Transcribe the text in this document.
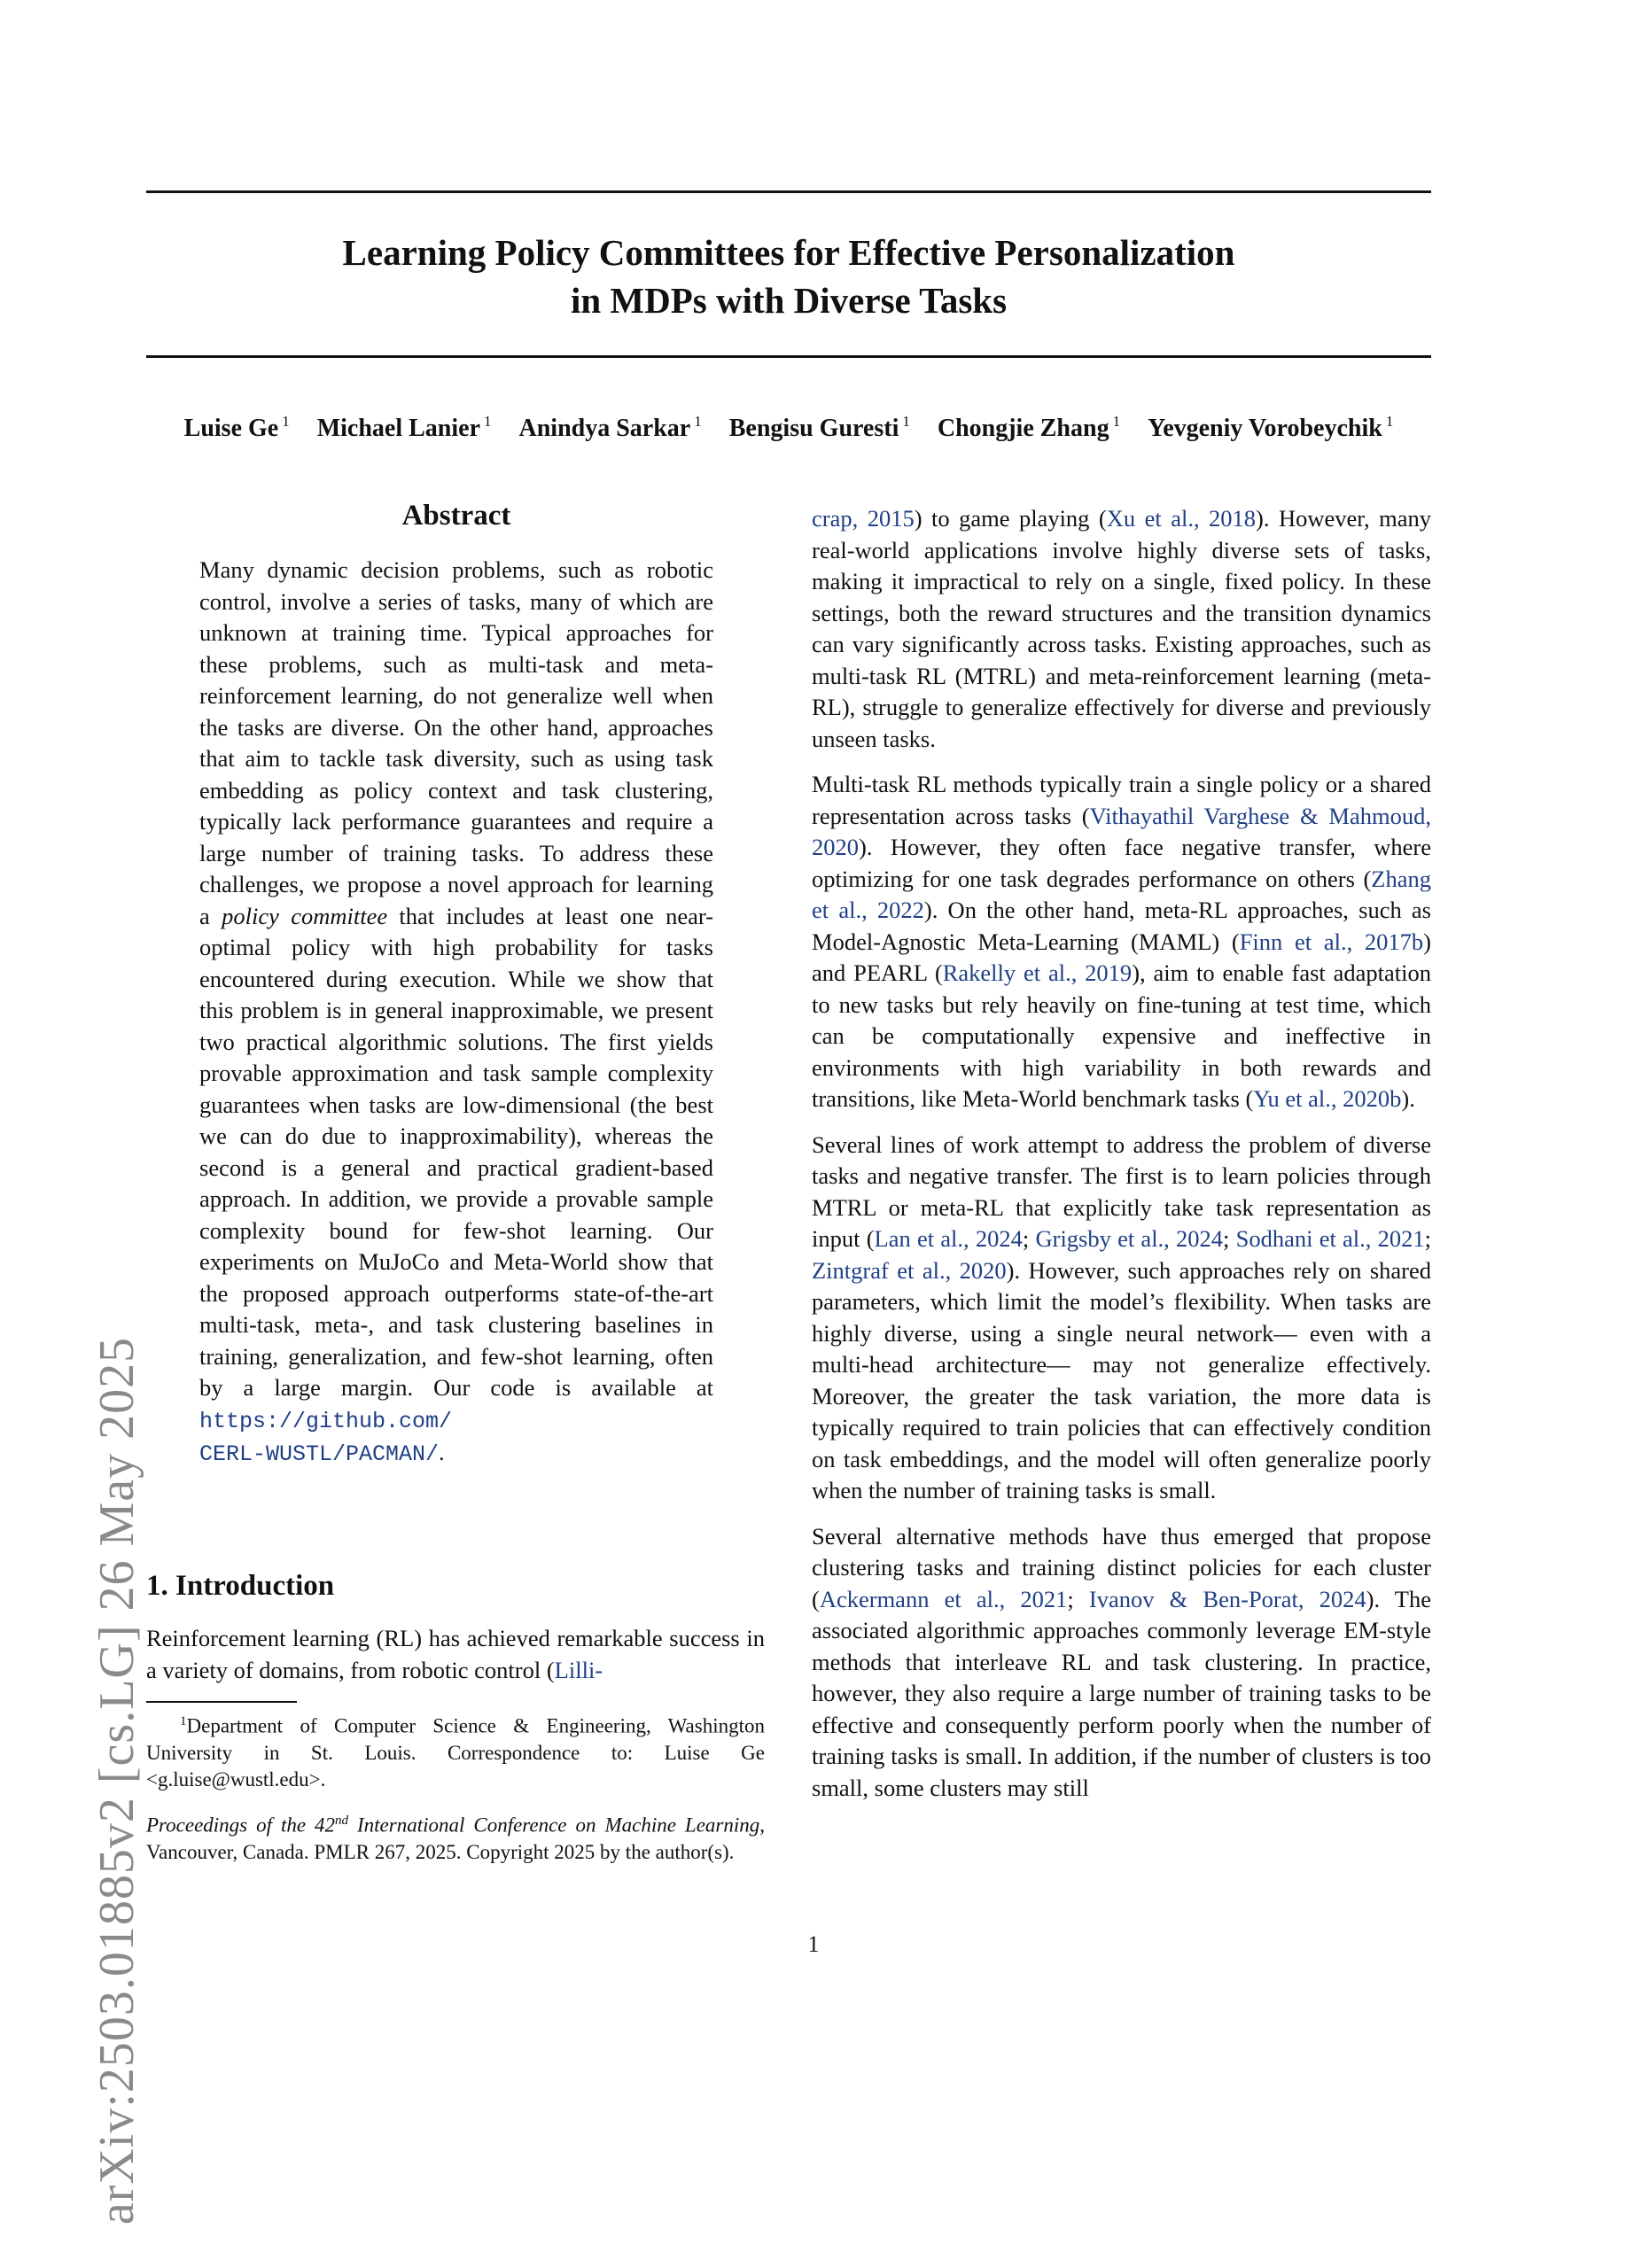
Learning Policy Committees for Effective Personalization
in MDPs with Diverse Tasks
Luise Ge $^1$ Michael Lanier $^1$ Anindya Sarkar $^1$ Bengisu Guresti $^1$ Chongjie Zhang $^1$ Yevgeniy Vorobeychik $^1$
arXiv:2503.01885v2 [cs.LG] 26 May 2025
Abstract

Many dynamic decision problems, such as robotic control, involve a series of tasks, many of which are unknown at training time. Typical approaches for these problems, such as multi-task and meta-reinforcement learning, do not generalize well when the tasks are diverse. On the other hand, approaches that aim to tackle task diversity, such as using task embedding as policy context and task clustering, typically lack performance guarantees and require a large number of training tasks. To address these challenges, we propose a novel approach for learning a policy committee that includes at least one near-optimal policy with high probability for tasks encountered during execution. While we show that this problem is in general inapproximable, we present two practical algorithmic solutions. The first yields provable approximation and task sample complexity guarantees when tasks are low-dimensional (the best we can do due to inapproximability), whereas the second is a general and practical gradient-based approach. In addition, we provide a provable sample complexity bound for few-shot learning. Our experiments on MuJoCo and Meta-World show that the proposed approach outperforms state-of-the-art multi-task, meta-, and task clustering baselines in training, generalization, and few-shot learning, often by a large margin. Our code is available at https://github.com/
CERL-WUSTL/PACMAN/.

1. Introduction

Reinforcement learning (RL) has achieved remarkable success in a variety of domains, from robotic control (Lilli-

$^1$Department of Computer Science & Engineering, Washington University in St. Louis. Correspondence to: Luise Ge <g.luise@wustl.edu>.
Proceedings of the 42nd International Conference on Machine Learning, Vancouver, Canada. PMLR 267, 2025. Copyright 2025 by the author(s).

crap, 2015) to game playing (Xu et al., 2018). However, many real-world applications involve highly diverse sets of tasks, making it impractical to rely on a single, fixed policy. In these settings, both the reward structures and the transition dynamics can vary significantly across tasks. Existing approaches, such as multi-task RL (MTRL) and meta-reinforcement learning (meta-RL), struggle to generalize effectively for diverse and previously unseen tasks.

Multi-task RL methods typically train a single policy or a shared representation across tasks (Vithayathil Varghese & Mahmoud, 2020). However, they often face negative transfer, where optimizing for one task degrades performance on others (Zhang et al., 2022). On the other hand, meta-RL approaches, such as Model-Agnostic Meta-Learning (MAML) (Finn et al., 2017b) and PEARL (Rakelly et al., 2019), aim to enable fast adaptation to new tasks but rely heavily on fine-tuning at test time, which can be computationally expensive and ineffective in environments with high variability in both rewards and transitions, like Meta-World benchmark tasks (Yu et al., 2020b).

Several lines of work attempt to address the problem of diverse tasks and negative transfer. The first is to learn policies through MTRL or meta-RL that explicitly take task representation as input (Lan et al., 2024; Grigsby et al., 2024; Sodhani et al., 2021; Zintgraf et al., 2020). However, such approaches rely on shared parameters, which limit the model’s flexibility. When tasks are highly diverse, using a single neural network— even with a multi-head architecture— may not generalize effectively. Moreover, the greater the task variation, the more data is typically required to train policies that can effectively condition on task embeddings, and the model will often generalize poorly when the number of training tasks is small.

Several alternative methods have thus emerged that propose clustering tasks and training distinct policies for each cluster (Ackermann et al., 2021; Ivanov & Ben-Porat, 2024). The associated algorithmic approaches commonly leverage EM-style methods that interleave RL and task clustering. In practice, however, they also require a large number of training tasks to be effective and consequently perform poorly when the number of training tasks is small. In addition, if the number of clusters is too small, some clusters may still

1
